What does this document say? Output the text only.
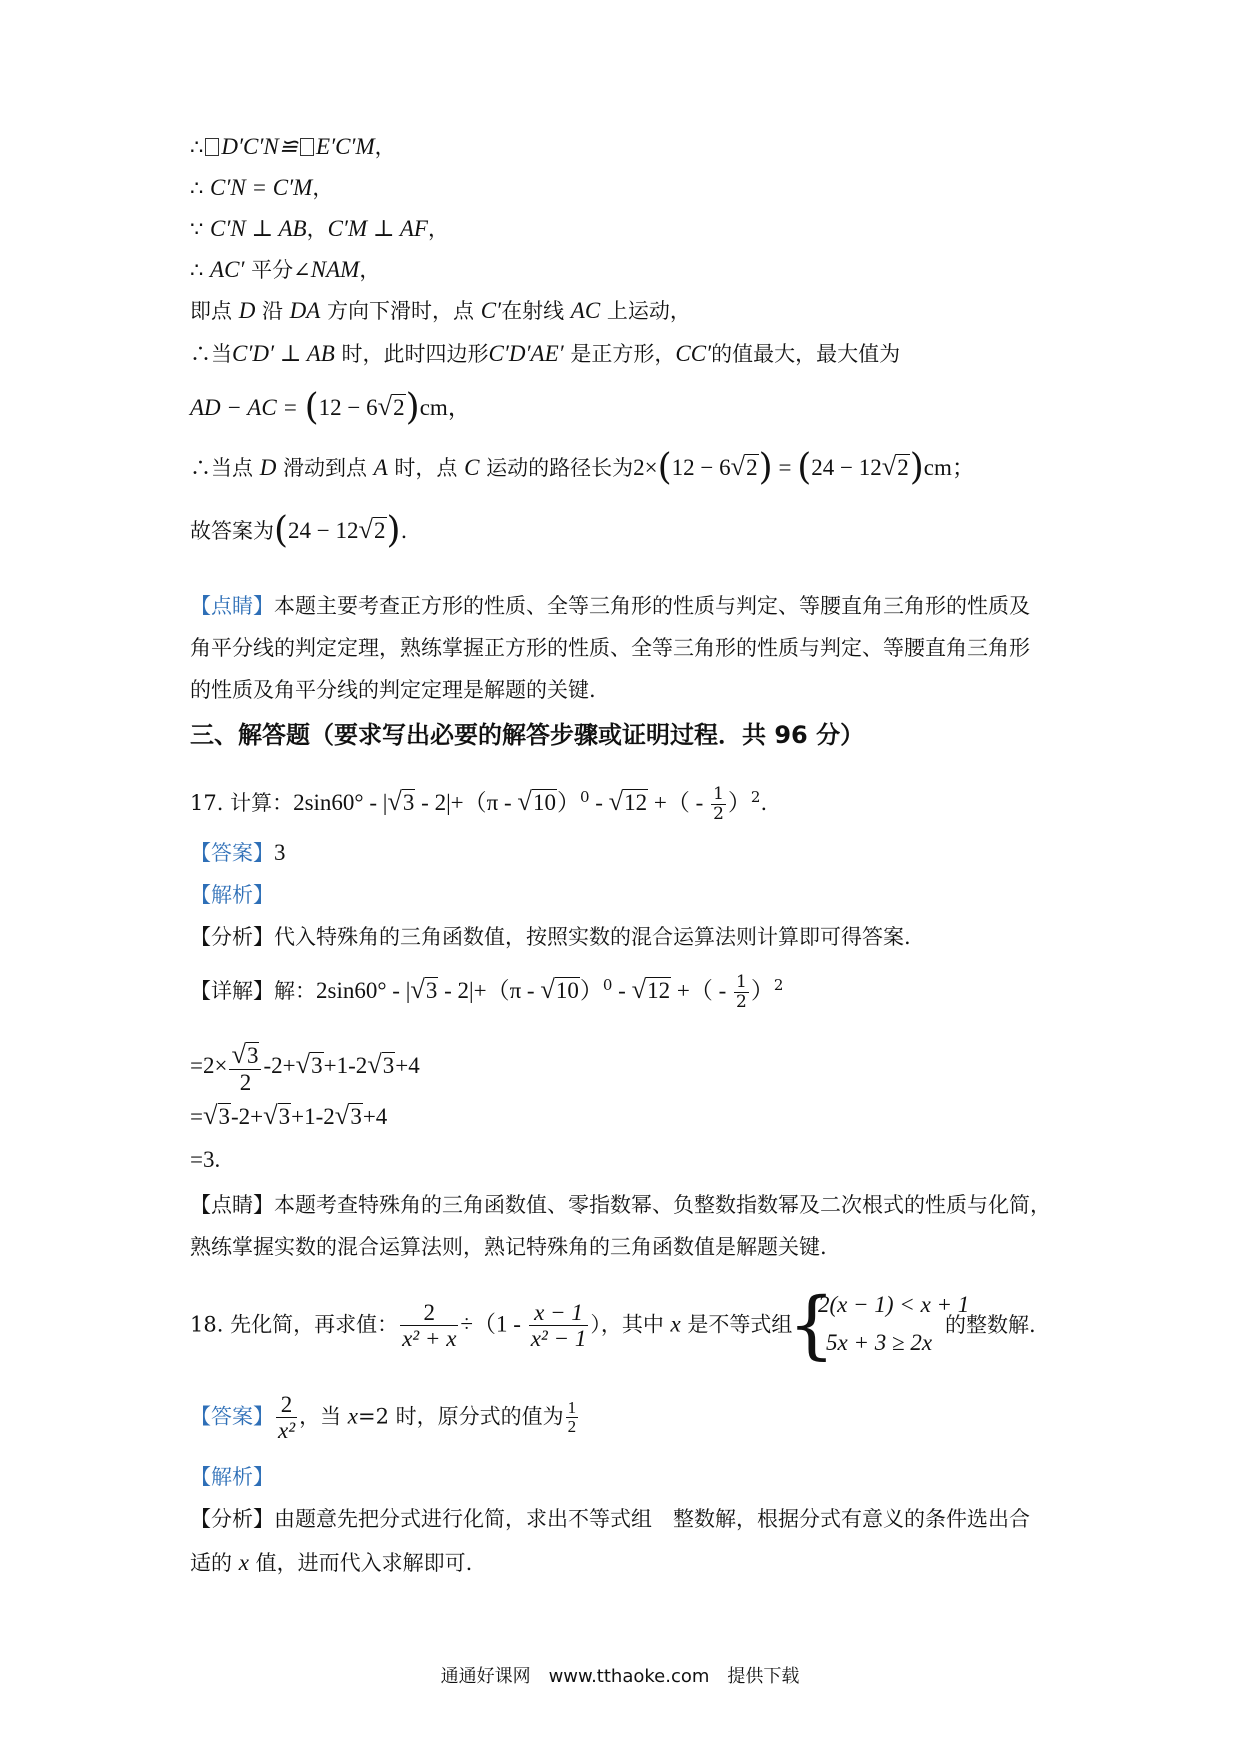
∴ D′C′N≌ E′C′M，
∴ C′N = C′M，
∵ C′N ⊥ AB，C′M ⊥ AF，
∴ AC′ 平分∠NAM，
即点 D 沿 DA 方向下滑时，点 C′在射线 AC 上运动，
∴当C′D′ ⊥ AB 时，此时四边形C′D′AE′ 是正方形，CC′的值最大，最大值为
AD − AC = (12 − 6√2)cm，
∴当点 D 滑动到点 A 时，点 C 运动的路径长为2×(12 − 6√2) = (24 − 12√2)cm；
故答案为(24 − 12√2).
【点睛】本题主要考查正方形的性质、全等三角形的性质与判定、等腰直角三角形的性质及
角平分线的判定定理，熟练掌握正方形的性质、全等三角形的性质与判定、等腰直角三角形
的性质及角平分线的判定定理是解题的关键.
三、解答题（要求写出必要的解答步骤或证明过程．共 96 分）
17. 计算：2sin60° - |√3 - 2|+（π - √10）$^0$ - √12 +（ - $\frac{1}{2} )^2$.
【答案】3
【解析】
【分析】代入特殊角的三角函数值，按照实数的混合运算法则计算即可得答案.
【详解】解：2sin60° - |√3 - 2|+（π - √10）$^0$ - √12 +（ - $\frac{1}{2} )^2$
$=2\times \frac{√3}{2} -2+√3+1-2√3+4$
=√3-2+√3+1-2√3+4
=3.
【点睛】本题考查特殊角的三角函数值、零指数幂、负整数指数幂及二次根式的性质与化简，
熟练掌握实数的混合运算法则，熟记特殊角的三角函数值是解题关键.
18. 先化简，再求值： $\frac{2}{\text{x² + x}} \div(1 - \frac{x - 1}{\text{x² − 1}}$ ），其中 x 是不等式组
{
2(x − 1) < x + 1
5x + 3 ≥ 2x
的整数解.
【答案】 $\frac{2}{\text{x²}}$ ，当 x=2 时，原分式的值为 $\frac{1}{2}$
【解析】
【分析】由题意先把分式进行化简，求出不等式组　整数解，根据分式有意义的条件选出合
适的 x 值，进而代入求解即可.
通通好课网　www.tthaoke.com　提供下载
